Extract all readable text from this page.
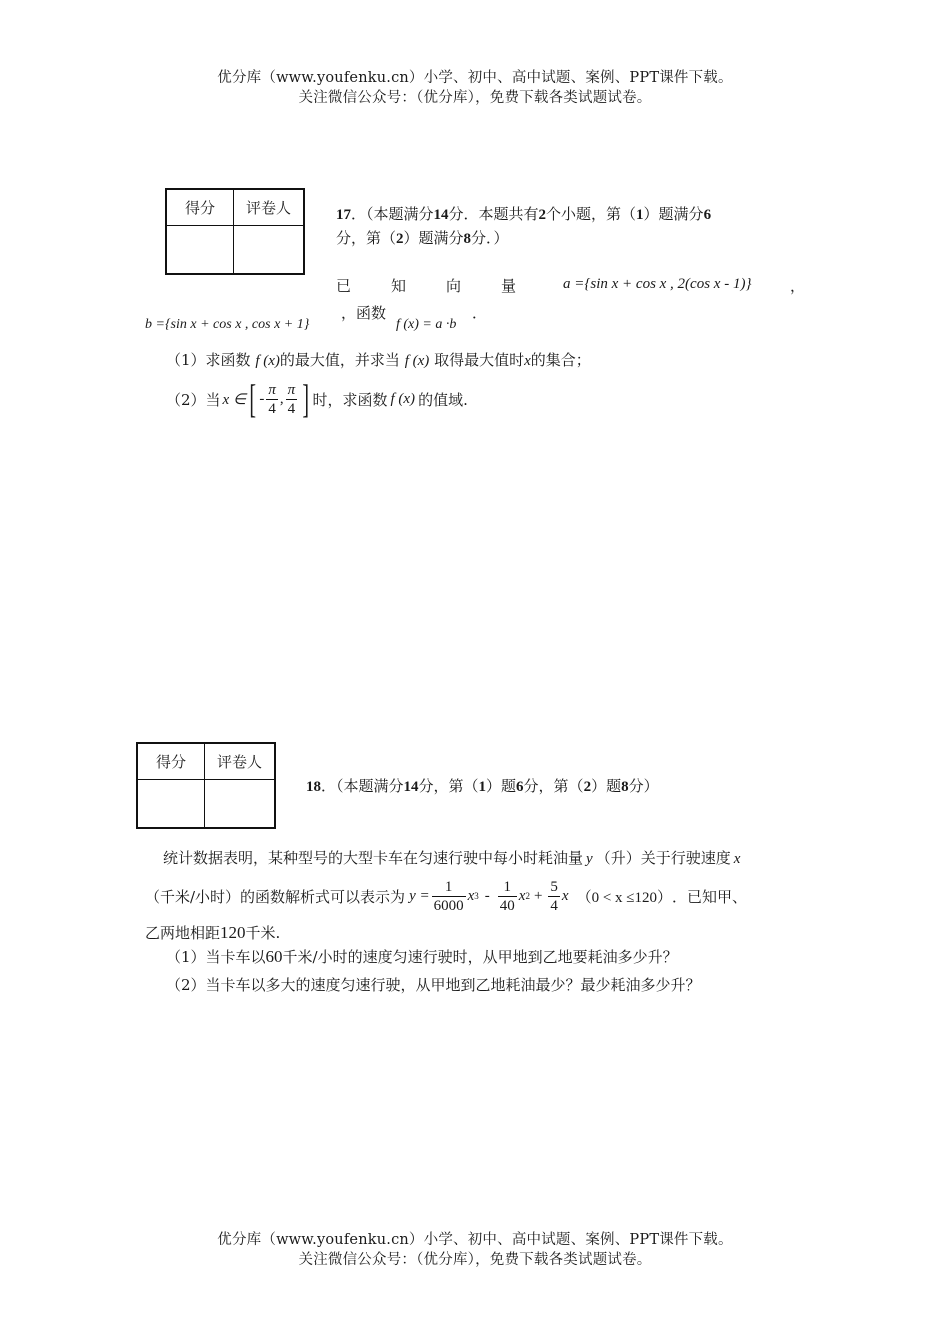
优分库（www.youfenku.cn）小学、初中、高中试题、案例、PPT课件下载。
关注微信公众号：（优分库），免费下载各类试题试卷。
得分	评卷人
		17．（本题满分14分．本题共有2个小题，第（1）题满分6
分，第（2）题满分8分．）
已知向量 a ={sin x + cos x , 2(cos x - 1)}	，
b ={sin x + cos x , cos x + 1}
，函数
f (x) = a ·b
．
（1）求函数 f (x)的最大值，并求当 f (x) 取得最大值时x的集合；
（2）当 x ∈ [ - $\frac{\pi}{4}$ , $\frac{\pi}{4}$ ] 时，求函数 f (x) 的值域.
得分	评卷人

18．（本题满分14分，第（1）题6分，第（2）题8分）
统计数据表明，某种型号的大型卡车在匀速行驶中每小时耗油量 y （升）关于行驶速度 x
（千米/小时）的函数解析式可以表示为 $y = \frac{1}{6000}$ x $3 - \frac{1}{40}$ x $2 + \frac{5}{4}$ x （0 < x ≤120） ．已知甲、
乙两地相距120千米.
（1）当卡车以60千米/小时的速度匀速行驶时，从甲地到乙地要耗油多少升？
（2）当卡车以多大的速度匀速行驶，从甲地到乙地耗油最少？最少耗油多少升？
优分库（www.youfenku.cn）小学、初中、高中试题、案例、PPT课件下载。
关注微信公众号：（优分库），免费下载各类试题试卷。
